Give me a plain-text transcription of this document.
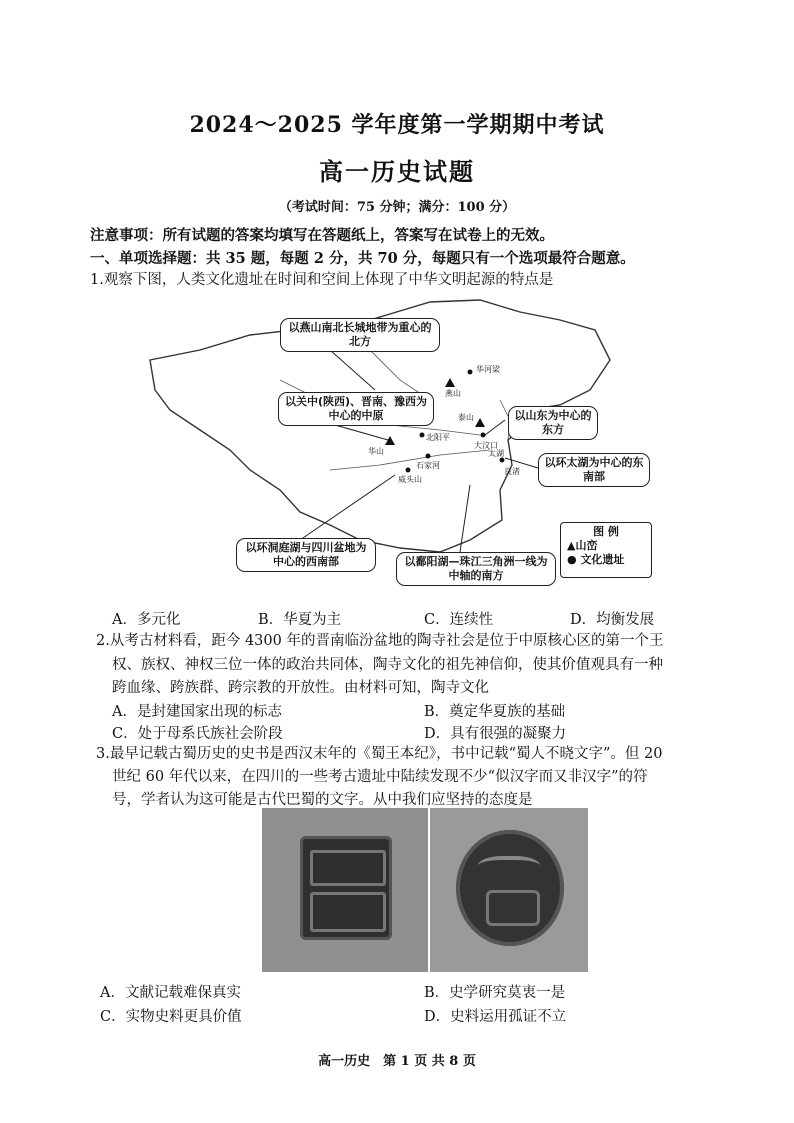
2024～2025 学年度第一学期期中考试
高一历史试题
（考试时间：75 分钟；满分：100 分）
注意事项：所有试题的答案均填写在答题纸上，答案写在试卷上的无效。
一、单项选择题：共 35 题，每题 2 分，共 70 分，每题只有一个选项最符合题意。
1.观察下图，人类文化遗址在时间和空间上体现了中华文明起源的特点是
以燕山南北长城地带为重心的北方
以关中(陕西)、晋南、豫西为中心的中原	以山东为中心的东方
以环太湖为中心的东南部
以环洞庭湖与四川盆地为中心的西南部	以鄱阳湖—珠江三角洲一线为中轴的南方
图 例
▲山峦
● 文化遗址
华河梁
燕山
泰山
大汶口
华山
北阳平
石家河
威头山
太湖
良渚
A．多元化	B．华夏为主	C．连续性	D．均衡发展
2.从考古材料看，距今 4300 年的晋南临汾盆地的陶寺社会是位于中原核心区的第一个王
权、族权、神权三位一体的政治共同体，陶寺文化的祖先神信仰，使其价值观具有一种
跨血缘、跨族群、跨宗教的开放性。由材料可知，陶寺文化
A．是封建国家出现的标志	B．奠定华夏族的基础
C．处于母系氏族社会阶段	D．具有很强的凝聚力
3.最早记载古蜀历史的史书是西汉末年的《蜀王本纪》，书中记载“蜀人不晓文字”。但 20
世纪 60 年代以来，在四川的一些考古遗址中陆续发现不少“似汉字而又非汉字”的符
号，学者认为这可能是古代巴蜀的文字。从中我们应坚持的态度是
A．文献记载难保真实	B．史学研究莫衷一是
C．实物史料更具价值	D．史料运用孤证不立
高一历史　第 1 页 共 8 页
